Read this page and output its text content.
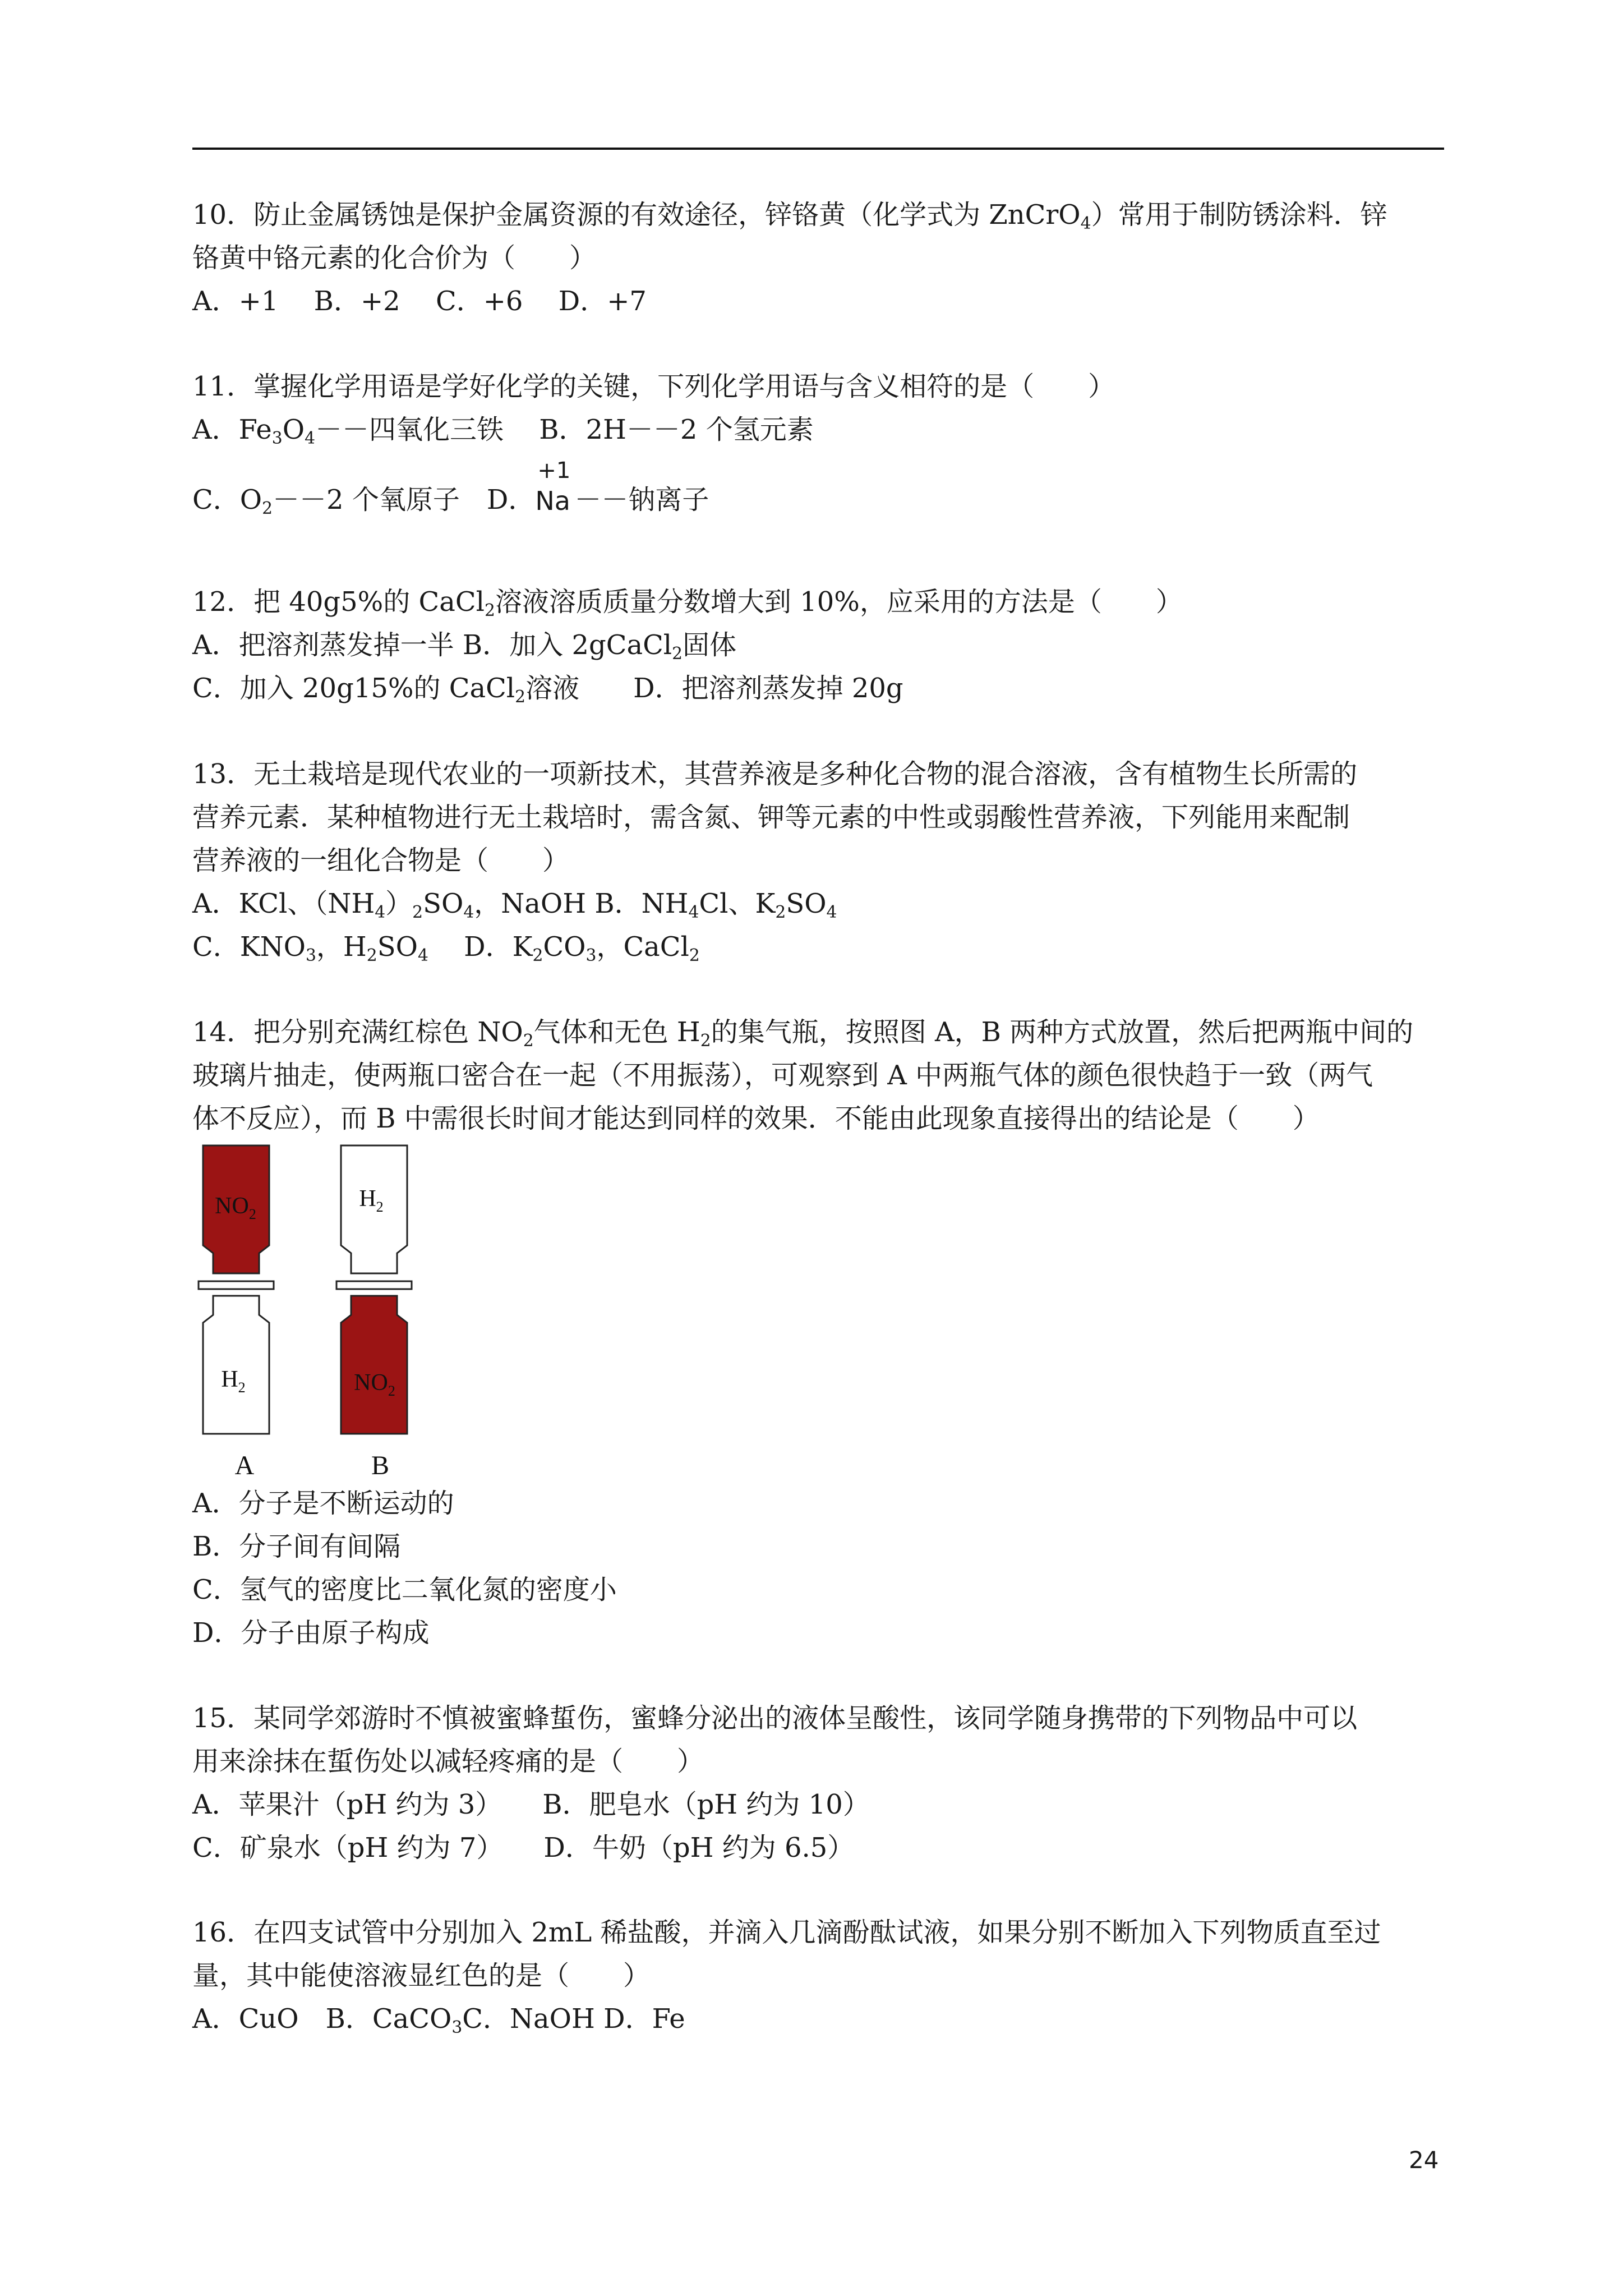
10．防止金属锈蚀是保护金属资源的有效途径，锌铬黄（化学式为 ZnCrO$_4$）常用于制防锈涂料．锌
铬黄中铬元素的化合价为（　　）
A．+1　 B．+2　 C．+6　 D．+7
11．掌握化学用语是学好化学的关键，下列化学用语与含义相符的是（　　）
A．$Fe_3O_4--$四氧化三铁　 B．2H－－2 个氢元素
C．$O_2--2$ 个氧原子　D．
+1
Na －－钠离子
12．把 40g5%的 CaCl$_2$溶液溶质质量分数增大到 10%，应采用的方法是（　　）
A．把溶剂蒸发掉一半 B．加入 2gCaCl$_2$固体
C．加入 20g15%的 CaCl$_2$溶液　　D．把溶剂蒸发掉 20g
13．无土栽培是现代农业的一项新技术，其营养液是多种化合物的混合溶液，含有植物生长所需的
营养元素．某种植物进行无土栽培时，需含氮、钾等元素的中性或弱酸性营养液，下列能用来配制
营养液的一组化合物是（　　）
A．KCl、$(NH_4)_2SO_4$，NaOH B．$NH_4Cl$、$K_2SO_4$
C．$KNO_3$，$H_2SO_4$　 D．$K_2CO_3$，CaCl$_2$
14．把分别充满红棕色 $NO_2$气体和无色 $H_2$的集气瓶，按照图 A，B 两种方式放置，然后把两瓶中间的
玻璃片抽走，使两瓶口密合在一起（不用振荡），可观察到 A 中两瓶气体的颜色很快趋于一致（两气
体不反应），而 B 中需很长时间才能达到同样的效果．不能由此现象直接得出的结论是（　　）
$NO_2$
$H_2$
A
$H_2$
$NO_2$
B
A．分子是不断运动的
B．分子间有间隔
C．氢气的密度比二氧化氮的密度小
D．分子由原子构成
15．某同学郊游时不慎被蜜蜂蜇伤，蜜蜂分泌出的液体呈酸性，该同学随身携带的下列物品中可以
用来涂抹在蜇伤处以减轻疼痛的是（　　）
A．苹果汁（pH 约为 3）　　B．肥皂水（pH 约为 10）
C．矿泉水（pH 约为 7）　　D．牛奶（pH 约为 6.5）
16．在四支试管中分别加入 2mL 稀盐酸，并滴入几滴酚酞试液，如果分别不断加入下列物质直至过
量，其中能使溶液显红色的是（　　）
A．CuO　B．CaCO$_3$C．NaOH D．Fe
24
